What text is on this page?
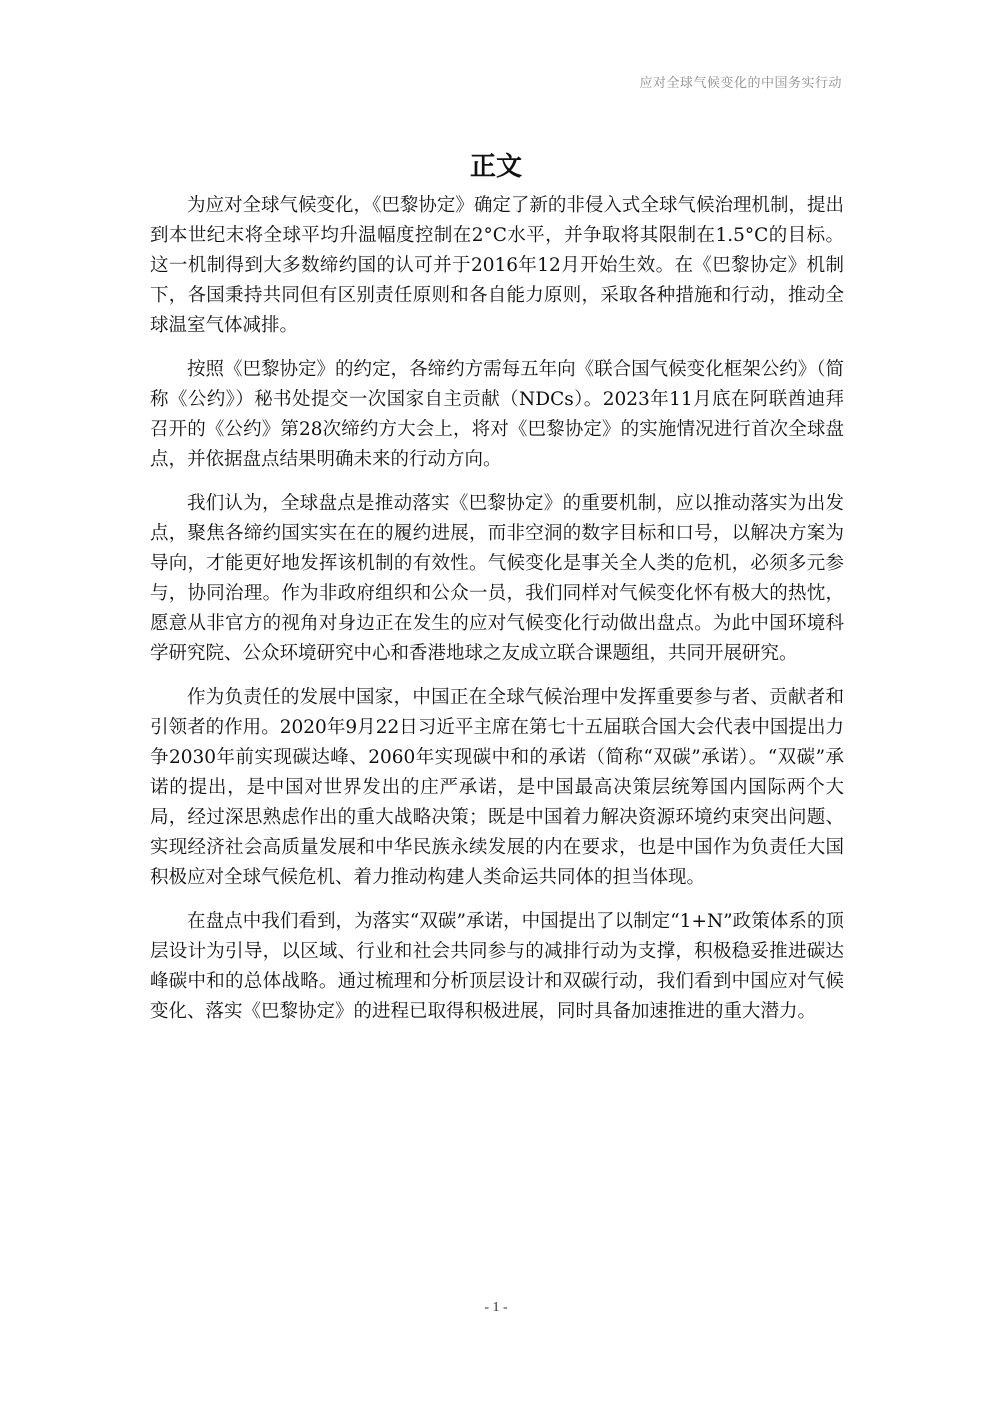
应对全球气候变化的中国务实行动
正文

为应对全球气候变化，《巴黎协定》确定了新的非侵入式全球气候治理机制，提出到本世纪末将全球平均升温幅度控制在2°C水平，并争取将其限制在1.5°C的目标。这一机制得到大多数缔约国的认可并于2016年12月开始生效。在《巴黎协定》机制下，各国秉持共同但有区别责任原则和各自能力原则，采取各种措施和行动，推动全球温室气体减排。

按照《巴黎协定》的约定，各缔约方需每五年向《联合国气候变化框架公约》（简称《公约》）秘书处提交一次国家自主贡献（NDCs）。2023年11月底在阿联酋迪拜召开的《公约》第28次缔约方大会上，将对《巴黎协定》的实施情况进行首次全球盘点，并依据盘点结果明确未来的行动方向。

我们认为，全球盘点是推动落实《巴黎协定》的重要机制，应以推动落实为出发点，聚焦各缔约国实实在在的履约进展，而非空洞的数字目标和口号，以解决方案为导向，才能更好地发挥该机制的有效性。气候变化是事关全人类的危机，必须多元参与，协同治理。作为非政府组织和公众一员，我们同样对气候变化怀有极大的热忱，愿意从非官方的视角对身边正在发生的应对气候变化行动做出盘点。为此中国环境科学研究院、公众环境研究中心和香港地球之友成立联合课题组，共同开展研究。

作为负责任的发展中国家，中国正在全球气候治理中发挥重要参与者、贡献者和引领者的作用。2020年9月22日习近平主席在第七十五届联合国大会代表中国提出力争2030年前实现碳达峰、2060年实现碳中和的承诺（简称“双碳”承诺）。“双碳”承诺的提出，是中国对世界发出的庄严承诺，是中国最高决策层统筹国内国际两个大局，经过深思熟虑作出的重大战略决策；既是中国着力解决资源环境约束突出问题、实现经济社会高质量发展和中华民族永续发展的内在要求，也是中国作为负责任大国积极应对全球气候危机、着力推动构建人类命运共同体的担当体现。

在盘点中我们看到，为落实“双碳”承诺，中国提出了以制定“1+N”政策体系的顶层设计为引导，以区域、行业和社会共同参与的减排行动为支撑，积极稳妥推进碳达峰碳中和的总体战略。通过梳理和分析顶层设计和双碳行动，我们看到中国应对气候变化、落实《巴黎协定》的进程已取得积极进展，同时具备加速推进的重大潜力。

- 1 -
